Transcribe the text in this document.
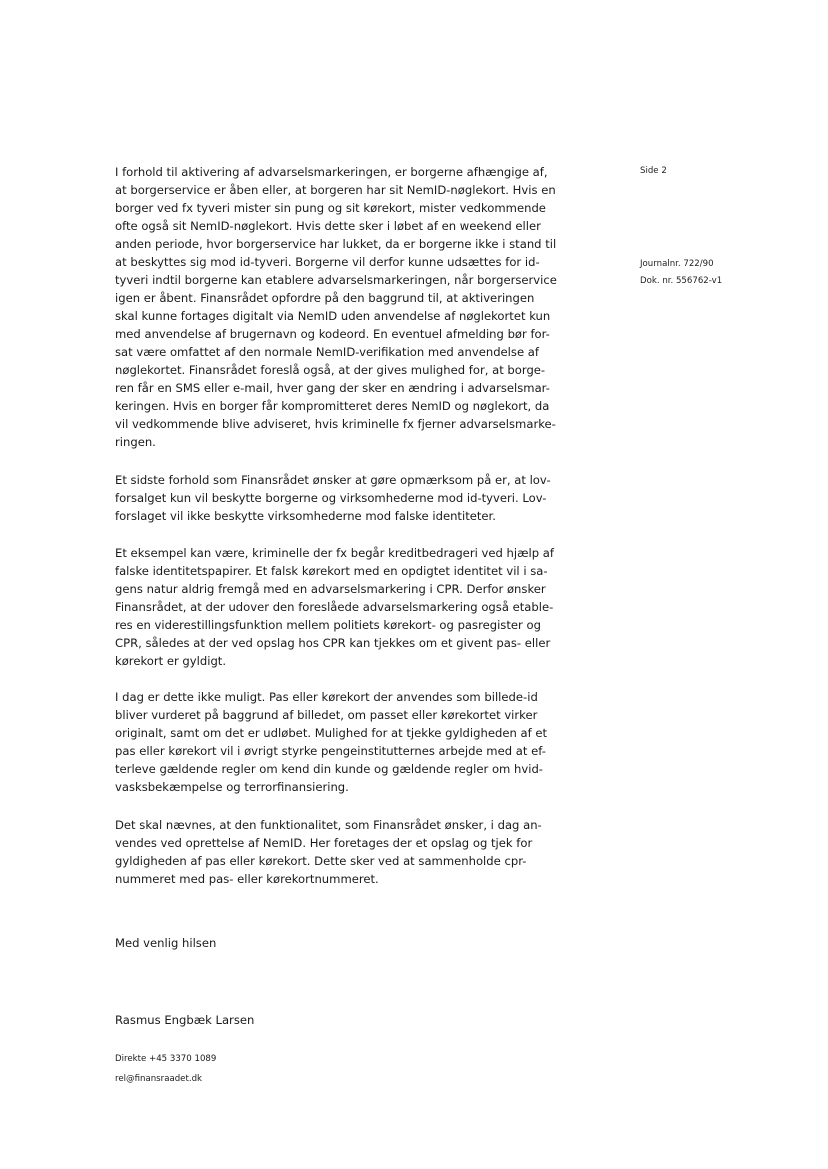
Side 2
Journalnr. 722/90
Dok. nr. 556762-v1

I forhold til aktivering af advarselsmarkeringen, er borgerne afhængige af,
at borgerservice er åben eller, at borgeren har sit NemID-nøglekort. Hvis en
borger ved fx tyveri mister sin pung og sit kørekort, mister vedkommende
ofte også sit NemID-nøglekort. Hvis dette sker i løbet af en weekend eller
anden periode, hvor borgerservice har lukket, da er borgerne ikke i stand til
at beskyttes sig mod id-tyveri. Borgerne vil derfor kunne udsættes for id-
tyveri indtil borgerne kan etablere advarselsmarkeringen, når borgerservice
igen er åbent. Finansrådet opfordre på den baggrund til, at aktiveringen
skal kunne fortages digitalt via NemID uden anvendelse af nøglekortet kun
med anvendelse af brugernavn og kodeord. En eventuel afmelding bør for-
sat være omfattet af den normale NemID-verifikation med anvendelse af
nøglekortet. Finansrådet foreslå også, at der gives mulighed for, at borge-
ren får en SMS eller e-mail, hver gang der sker en ændring i advarselsmar-
keringen. Hvis en borger får kompromitteret deres NemID og nøglekort, da
vil vedkommende blive adviseret, hvis kriminelle fx fjerner advarselsmarke-
ringen.

Et sidste forhold som Finansrådet ønsker at gøre opmærksom på er, at lov-
forsalget kun vil beskytte borgerne og virksomhederne mod id-tyveri. Lov-
forslaget vil ikke beskytte virksomhederne mod falske identiteter.

Et eksempel kan være, kriminelle der fx begår kreditbedrageri ved hjælp af
falske identitetspapirer. Et falsk kørekort med en opdigtet identitet vil i sa-
gens natur aldrig fremgå med en advarselsmarkering i CPR. Derfor ønsker
Finansrådet, at der udover den foreslåede advarselsmarkering også etable-
res en viderestillingsfunktion mellem politiets kørekort- og pasregister og
CPR, således at der ved opslag hos CPR kan tjekkes om et givent pas- eller
kørekort er gyldigt.

I dag er dette ikke muligt. Pas eller kørekort der anvendes som billede-id
bliver vurderet på baggrund af billedet, om passet eller kørekortet virker
originalt, samt om det er udløbet. Mulighed for at tjekke gyldigheden af et
pas eller kørekort vil i øvrigt styrke pengeinstitutternes arbejde med at ef-
terleve gældende regler om kend din kunde og gældende regler om hvid-
vasksbekæmpelse og terrorfinansiering.

Det skal nævnes, at den funktionalitet, som Finansrådet ønsker, i dag an-
vendes ved oprettelse af NemID. Her foretages der et opslag og tjek for
gyldigheden af pas eller kørekort. Dette sker ved at sammenholde cpr-
nummeret med pas- eller kørekortnummeret.

Med venlig hilsen
Rasmus Engbæk Larsen
Direkte +45 3370 1089
rel@finansraadet.dk
